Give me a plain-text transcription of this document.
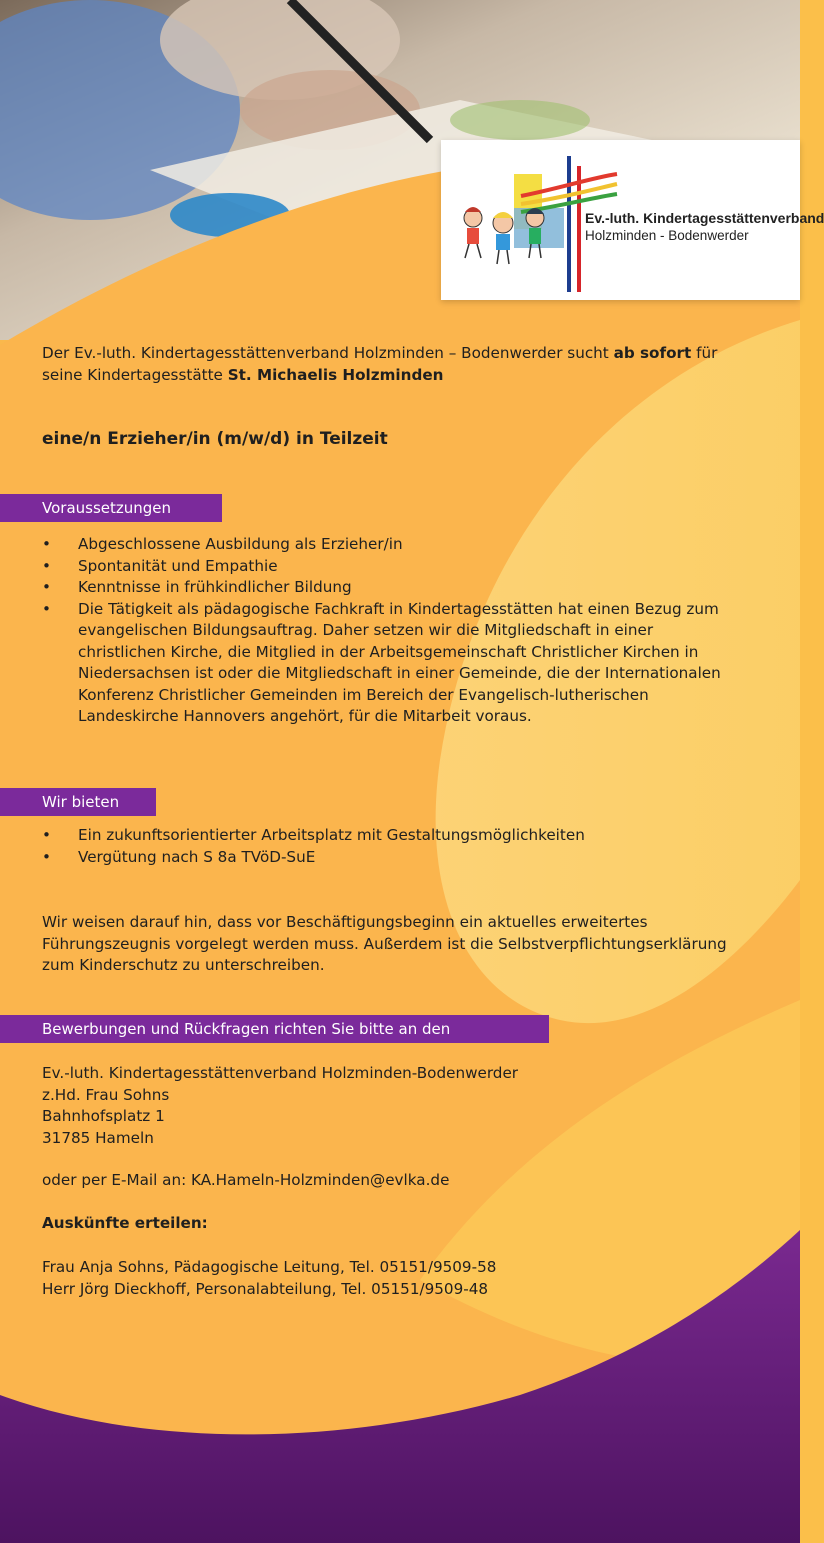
Ev.-luth. Kindertagesstättenverband
Holzminden - Bodenwerder

Der Ev.-luth. Kindertagesstättenverband Holzminden – Bodenwerder sucht ab sofort für seine Kindertagesstätte St. Michaelis Holzminden

eine/n Erzieher/in (m/w/d) in Teilzeit
Voraussetzungen
• Abgeschlossene Ausbildung als Erzieher/in
• Spontanität und Empathie
• Kenntnisse in frühkindlicher Bildung
• Die Tätigkeit als pädagogische Fachkraft in Kindertagesstätten hat einen Bezug zum evangelischen Bildungsauftrag. Daher setzen wir die Mitgliedschaft in einer christlichen Kirche, die Mitglied in der Arbeitsgemeinschaft Christlicher Kirchen in Niedersachsen ist oder die Mitgliedschaft in einer Gemeinde, die der Internationalen Konferenz Christlicher Gemeinden im Bereich der Evangelisch-lutherischen Landeskirche Hannovers angehört, für die Mitarbeit voraus.
Wir bieten
• Ein zukunftsorientierter Arbeitsplatz mit Gestaltungsmöglichkeiten
• Vergütung nach S 8a TVöD-SuE

Wir weisen darauf hin, dass vor Beschäftigungsbeginn ein aktuelles erweitertes Führungszeugnis vorgelegt werden muss. Außerdem ist die Selbstverpflichtungserklärung zum Kinderschutz zu unterschreiben.

Bewerbungen und Rückfragen richten Sie bitte an den

Ev.-luth. Kindertagesstättenverband Holzminden-Bodenwerder
z.Hd. Frau Sohns
Bahnhofsplatz 1
31785 Hameln

oder per E-Mail an: KA.Hameln-Holzminden@evlka.de

Auskünfte erteilen:

Frau Anja Sohns, Pädagogische Leitung, Tel. 05151/9509-58
Herr Jörg Dieckhoff, Personalabteilung, Tel. 05151/9509-48
